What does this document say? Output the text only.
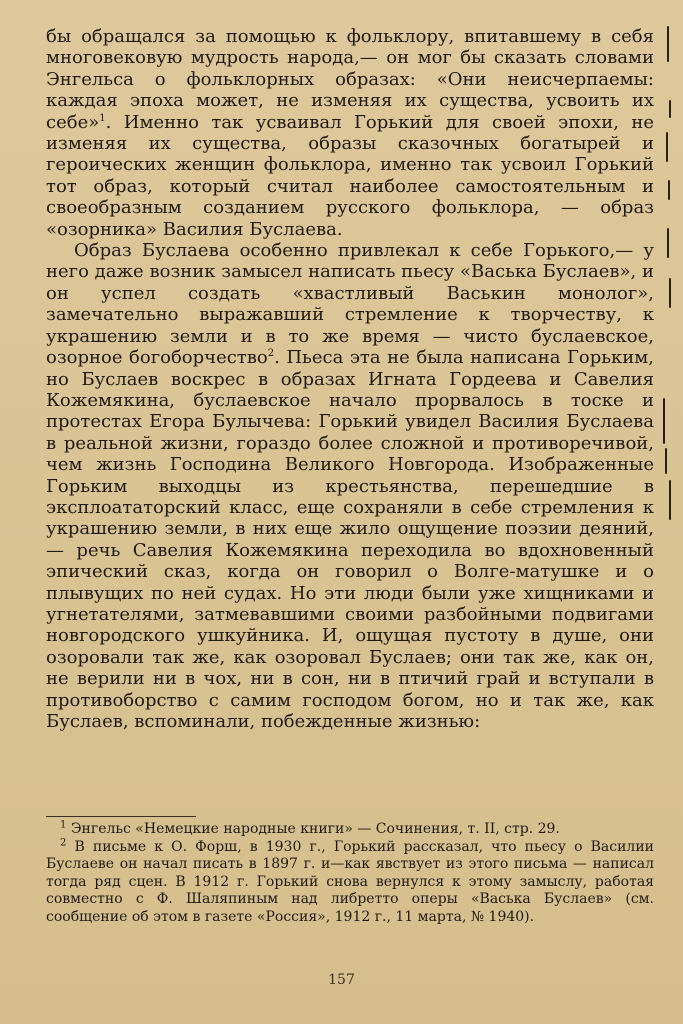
бы обращался за помощью к фольклору, впитавшему в себя многовековую мудрость народа,— он мог бы сказать словами Энгельса о фольклорных образах: «Они неисчерпаемы: каждая эпоха может, не изменяя их существа, усвоить их себе»$^1$. Именно так усваивал Горький для своей эпохи, не изменяя их существа, образы сказочных богатырей и героических женщин фольклора, именно так усвоил Горький тот образ, который считал наиболее самостоятельным и своеобразным созданием русского фольклора, — образ «озорника» Василия Буслаева.

Образ Буслаева особенно привлекал к себе Горького,— у него даже возник замысел написать пьесу «Васька Буслаев», и он успел создать «хвастливый Васькин монолог», замечательно выражавший стремление к творчеству, к украшению земли и в то же время — чисто буслаевское, озорное богоборчество$^2$. Пьеса эта не была написана Горьким, но Буслаев воскрес в образах Игната Гордеева и Савелия Кожемякина, буслаевское начало прорвалось в тоске и протестах Егора Булычева: Горький увидел Василия Буслаева в реальной жизни, гораздо более сложной и противоречивой, чем жизнь Господина Великого Новгорода. Изображенные Горьким выходцы из крестьянства, перешедшие в эксплоататорский класс, еще сохраняли в себе стремления к украшению земли, в них еще жило ощущение поэзии деяний,— речь Савелия Кожемякина переходила во вдохновенный эпический сказ, когда он говорил о Волге-матушке и о плывущих по ней судах. Но эти люди были уже хищниками и угнетателями, затмевавшими своими разбойными подвигами новгородского ушкуйника. И, ощущая пустоту в душе, они озоровали так же, как озоровал Буслаев; они так же, как он, не верили ни в чох, ни в сон, ни в птичий грай и вступали в противоборство с самим господом богом, но и так же, как Буслаев, вспоминали, побежденные жизнью:

$^1$ Энгельс «Немецкие народные книги» — Сочинения, т. II, стр. 29.

$^2$ В письме к О. Форш, в 1930 г., Горький рассказал, что пьесу о Василии Буслаеве он начал писать в 1897 г. и—как явствует из этого письма — написал тогда ряд сцен. В 1912 г. Горький снова вернулся к этому замыслу, работая совместно с Ф. Шаляпиным над либретто оперы «Васька Буслаев» (см. сообщение об этом в газете «Россия», 1912 г., 11 марта, № 1940).

157
